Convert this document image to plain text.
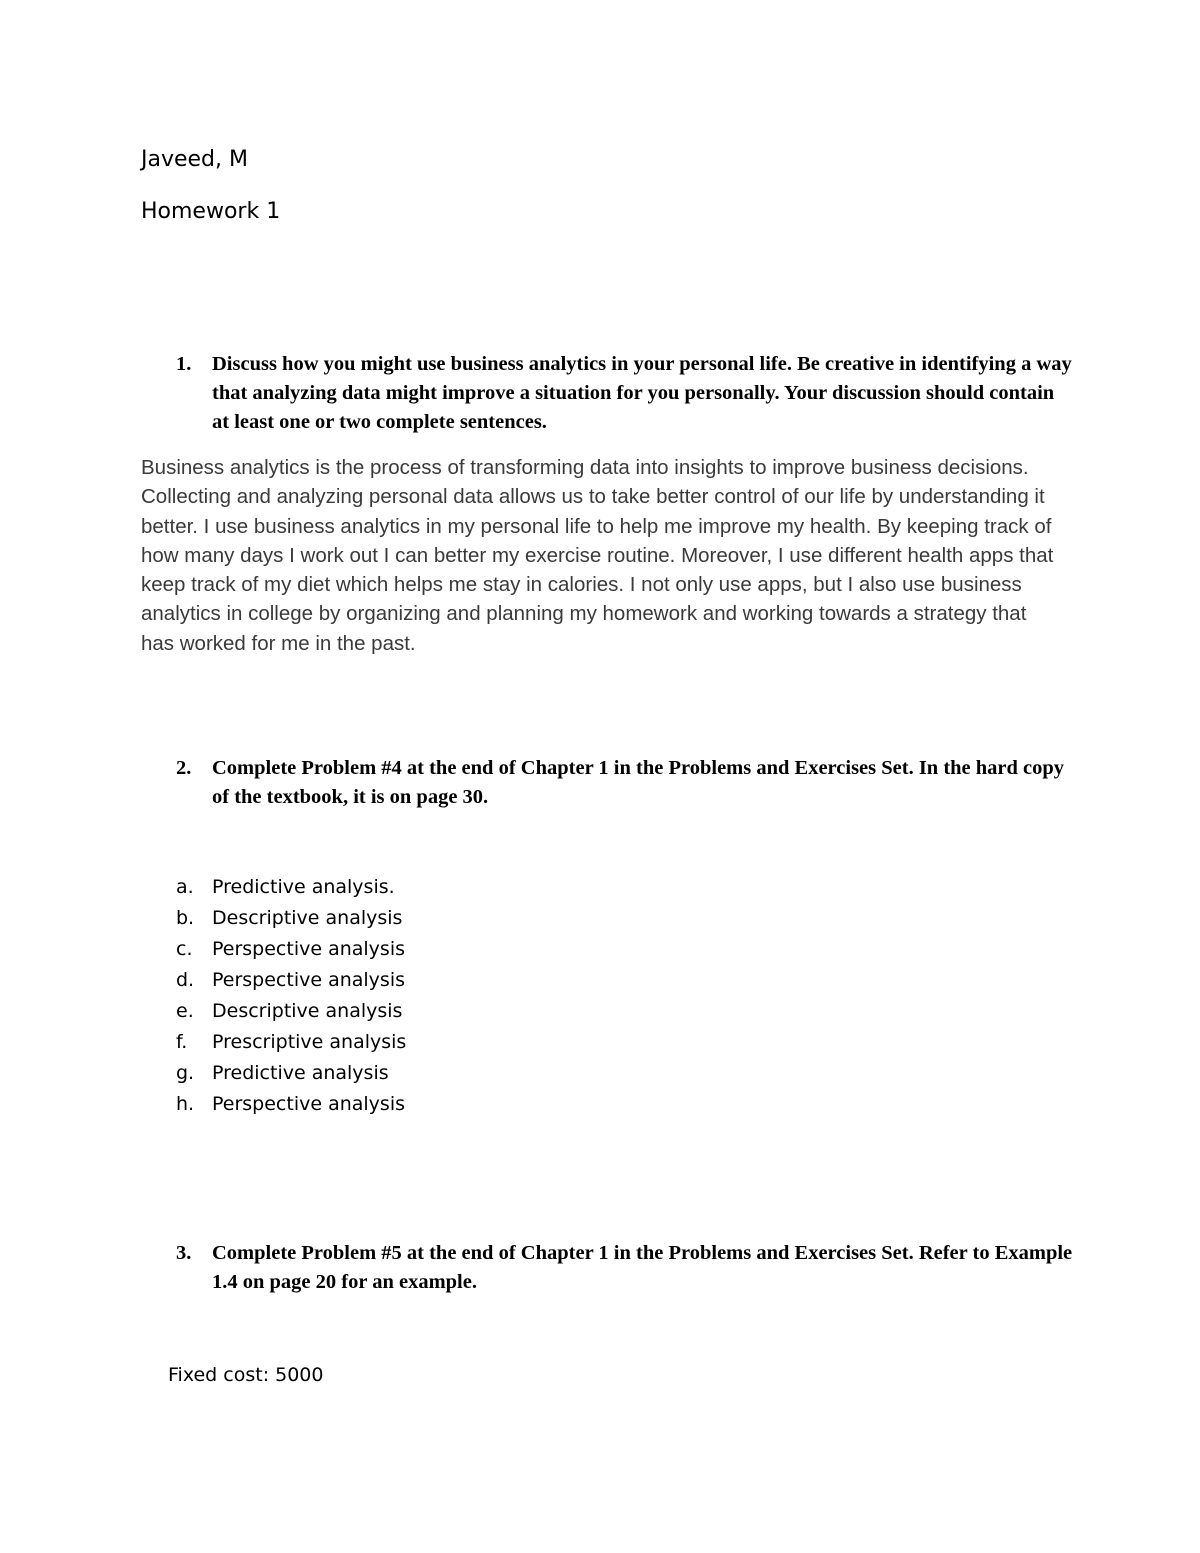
Javeed, M
Homework 1
1.	Discuss how you might use business analytics in your personal life. Be creative in identifying a way that analyzing data might improve a situation for you personally. Your discussion should contain at least one or two complete sentences.
Business analytics is the process of transforming data into insights to improve business decisions. Collecting and analyzing personal data allows us to take better control of our life by understanding it better. I use business analytics in my personal life to help me improve my health. By keeping track of how many days I work out I can better my exercise routine. Moreover, I use different health apps that keep track of my diet which helps me stay in calories. I not only use apps, but I also use business analytics in college by organizing and planning my homework and working towards a strategy that has worked for me in the past.
2.	Complete Problem #4 at the end of Chapter 1 in the Problems and Exercises Set. In the hard copy of the textbook, it is on page 30.
a. Predictive analysis.
b. Descriptive analysis
c. Perspective analysis
d. Perspective analysis
e. Descriptive analysis
f. Prescriptive analysis
g. Predictive analysis
h. Perspective analysis
3.	Complete Problem #5 at the end of Chapter 1 in the Problems and Exercises Set. Refer to Example 1.4 on page 20 for an example.
Fixed cost: 5000
